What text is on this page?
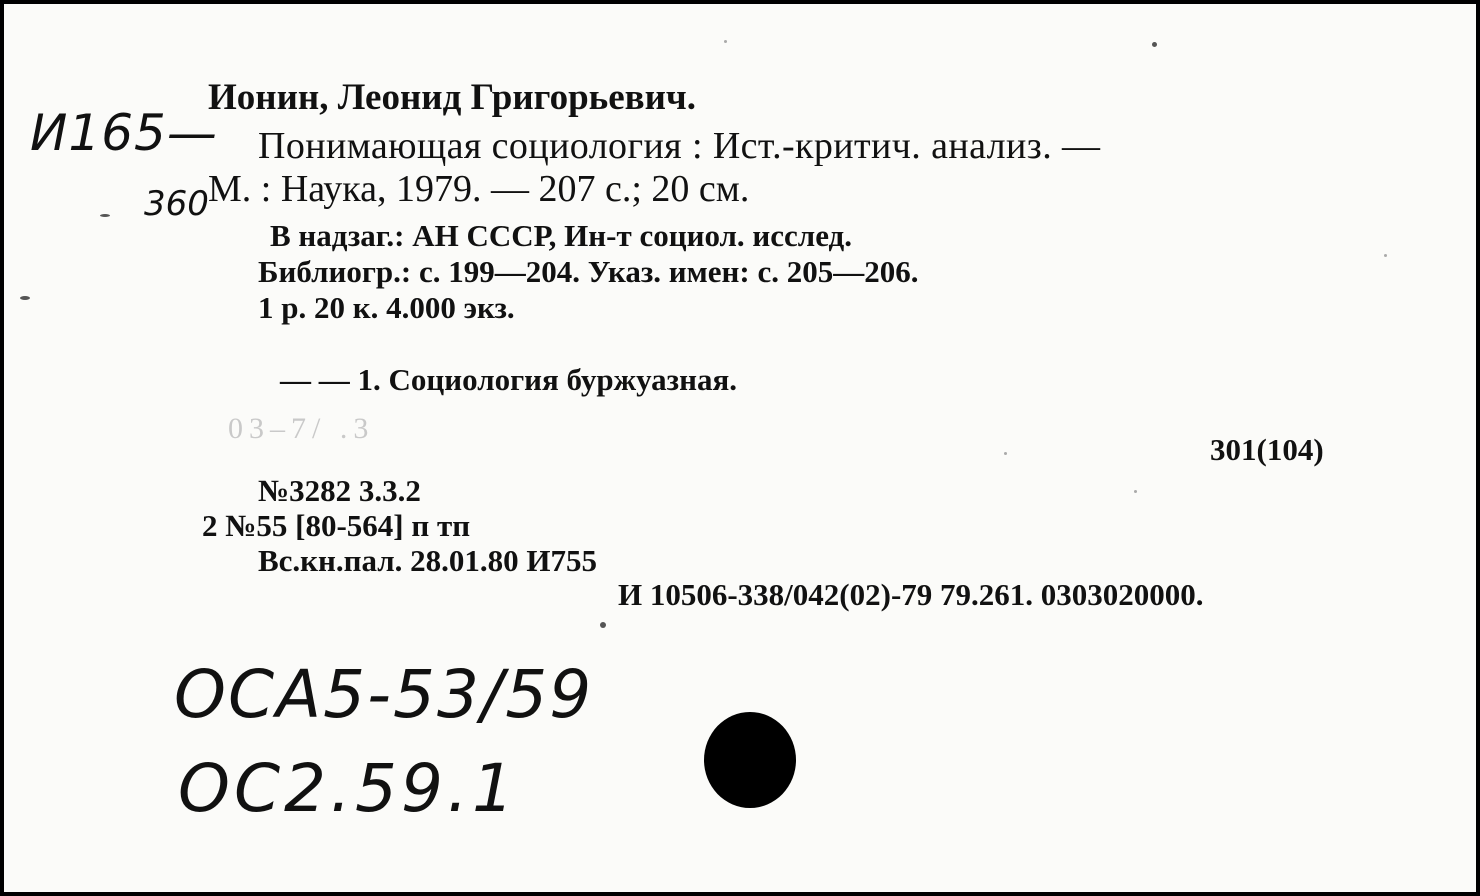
И165—
360
Ионин, Леонид Григорьевич.
Понимающая социология : Ист.-критич. анализ. —
М. : Наука, 1979. — 207 с.; 20 см.
В надзаг.: АН СССР, Ин-т социол. исслед.
Библиогр.: с. 199—204. Указ. имен: с. 205—206.
1 р. 20 к. 4.000 экз.
— — 1. Социология буржуазная.
03–7/ .3
301(104)
№3282 3.3.2
2 №55 [80-564] п тп
Вс.кн.пал. 28.01.80 И755
И 10506-338/042(02)-79 79.261. 0303020000.
OCA5-53/59
OC2.59.1
